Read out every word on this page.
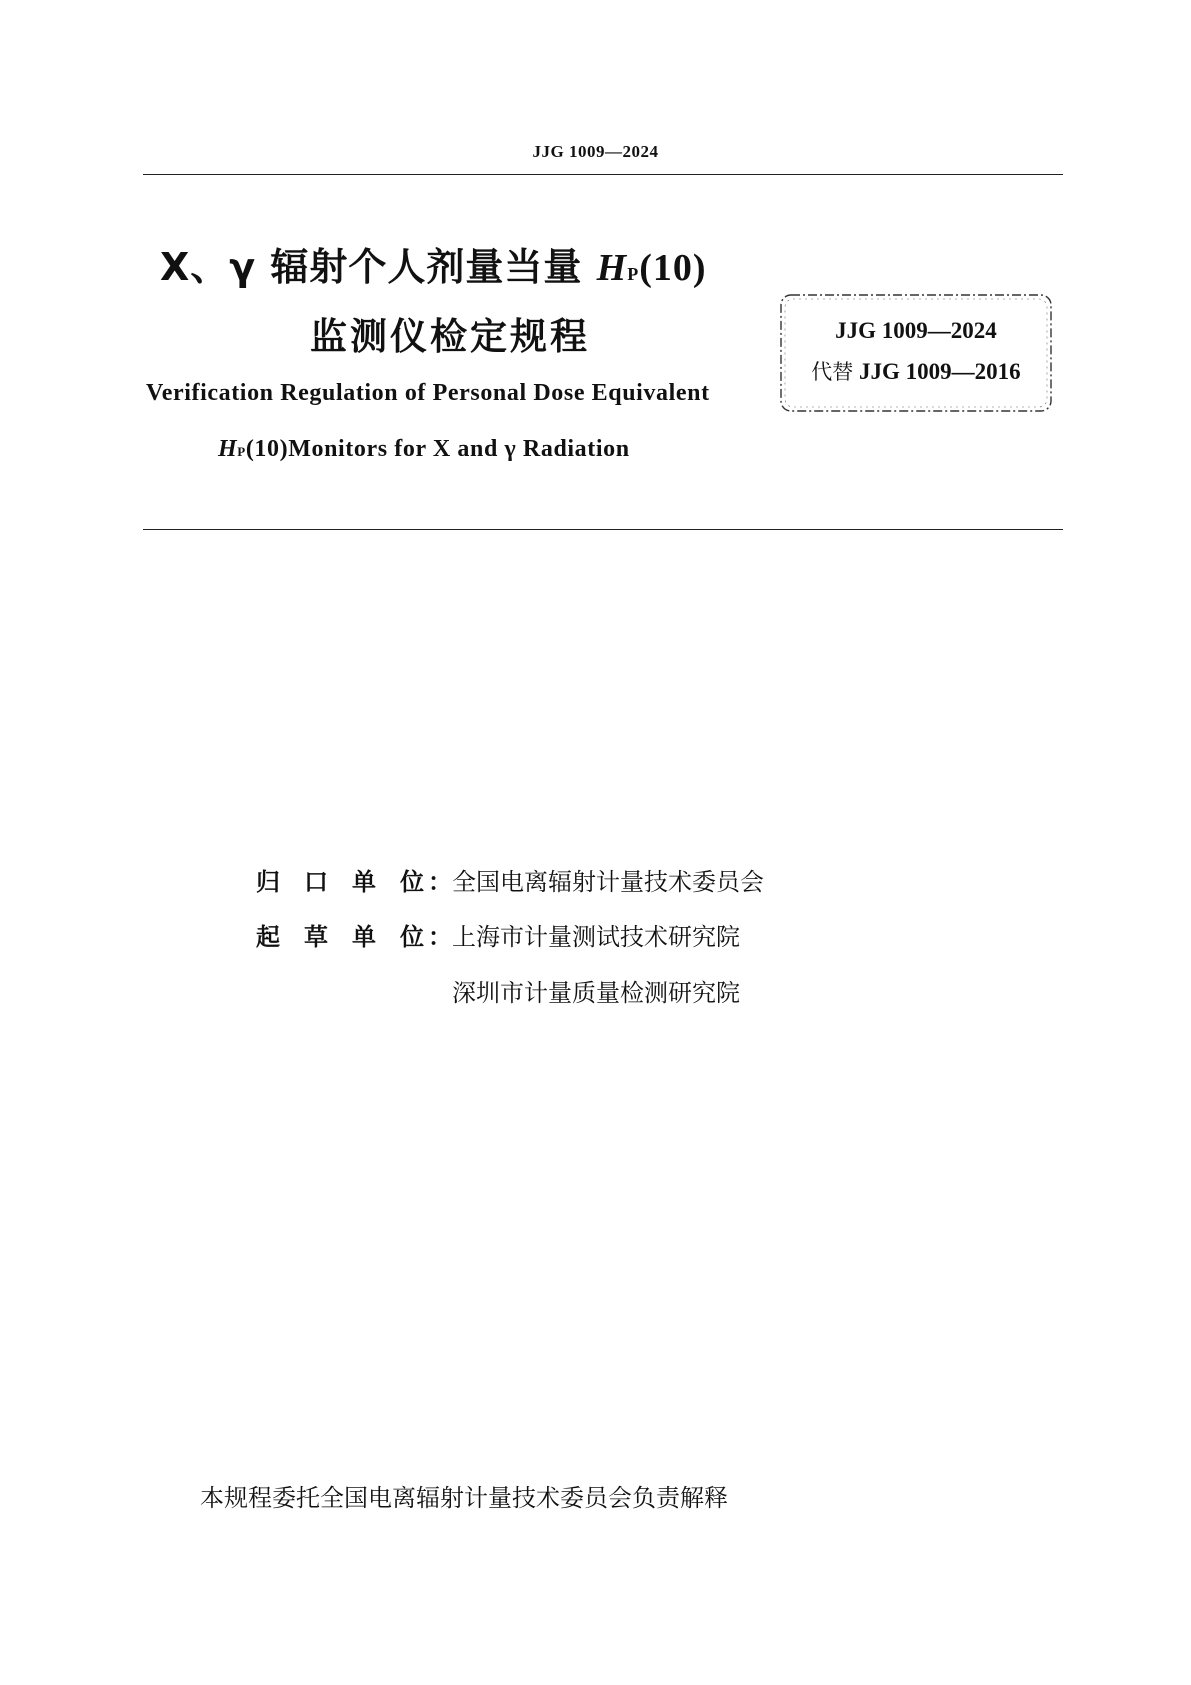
JJG 1009—2024
X、γ 辐射个人剂量当量 HP(10)
监测仪检定规程
Verification Regulation of Personal Dose Equivalent
HP(10)Monitors for X and γ Radiation
JJG 1009—2024
代替 JJG 1009—2016
归 口 单 位 ：全国电离辐射计量技术委员会
起 草 单 位 ：上海市计量测试技术研究院
深圳市计量质量检测研究院
本规程委托全国电离辐射计量技术委员会负责解释
